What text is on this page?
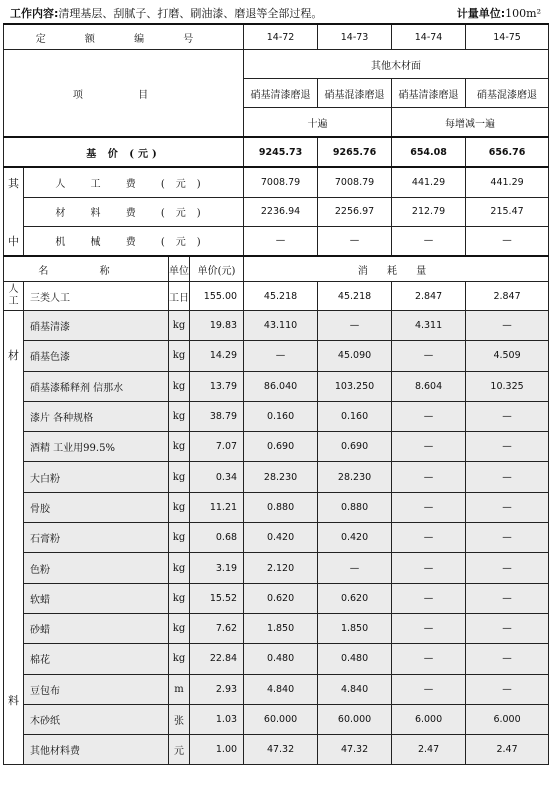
工作内容:清理基层、刮腻子、打磨、刷油漆、磨退等全部过程。	计量单位:100m²
定 额 编 号				14-72	14-73	14-74	14-75
项 目				其他木材面			
				硝基清漆磨退	硝基混漆磨退	硝基清漆磨退	硝基混漆磨退
				十遍		每增减一遍	
基 价 (元)				9245.73	9265.76	654.08	656.76
其	人 工 费 (元)			7008.79	7008.79	441.29	441.29
	材 料 费 (元)			2236.94	2256.97	212.79	215.47
中	机 械 费 (元)			—	—	—	—
名 称		单位	单价(元)	消 耗 量			
人工	三类人工	工日	155.00	45.218	45.218	2.847	2.847

材
料	硝基清漆	kg	19.83	43.110	—	4.311	—
	硝基色漆	kg	14.29	—	45.090	—	4.509
	硝基漆稀释剂 信那水	kg	13.79	86.040	103.250	8.604	10.325
	漆片 各种规格	kg	38.79	0.160	0.160	—	—
	酒精 工业用99.5%	kg	7.07	0.690	0.690	—	—
	大白粉	kg	0.34	28.230	28.230	—	—
	骨胶	kg	11.21	0.880	0.880	—	—
	石膏粉	kg	0.68	0.420	0.420	—	—
	色粉	kg	3.19	2.120	—	—	—
	软蜡	kg	15.52	0.620	0.620	—	—
	砂蜡	kg	7.62	1.850	1.850	—	—
	棉花	kg	22.84	0.480	0.480	—	—
	豆包布	m	2.93	4.840	4.840	—	—
	木砂纸	张	1.03	60.000	60.000	6.000	6.000
	其他材料费	元	1.00	47.32	47.32	2.47	2.47
